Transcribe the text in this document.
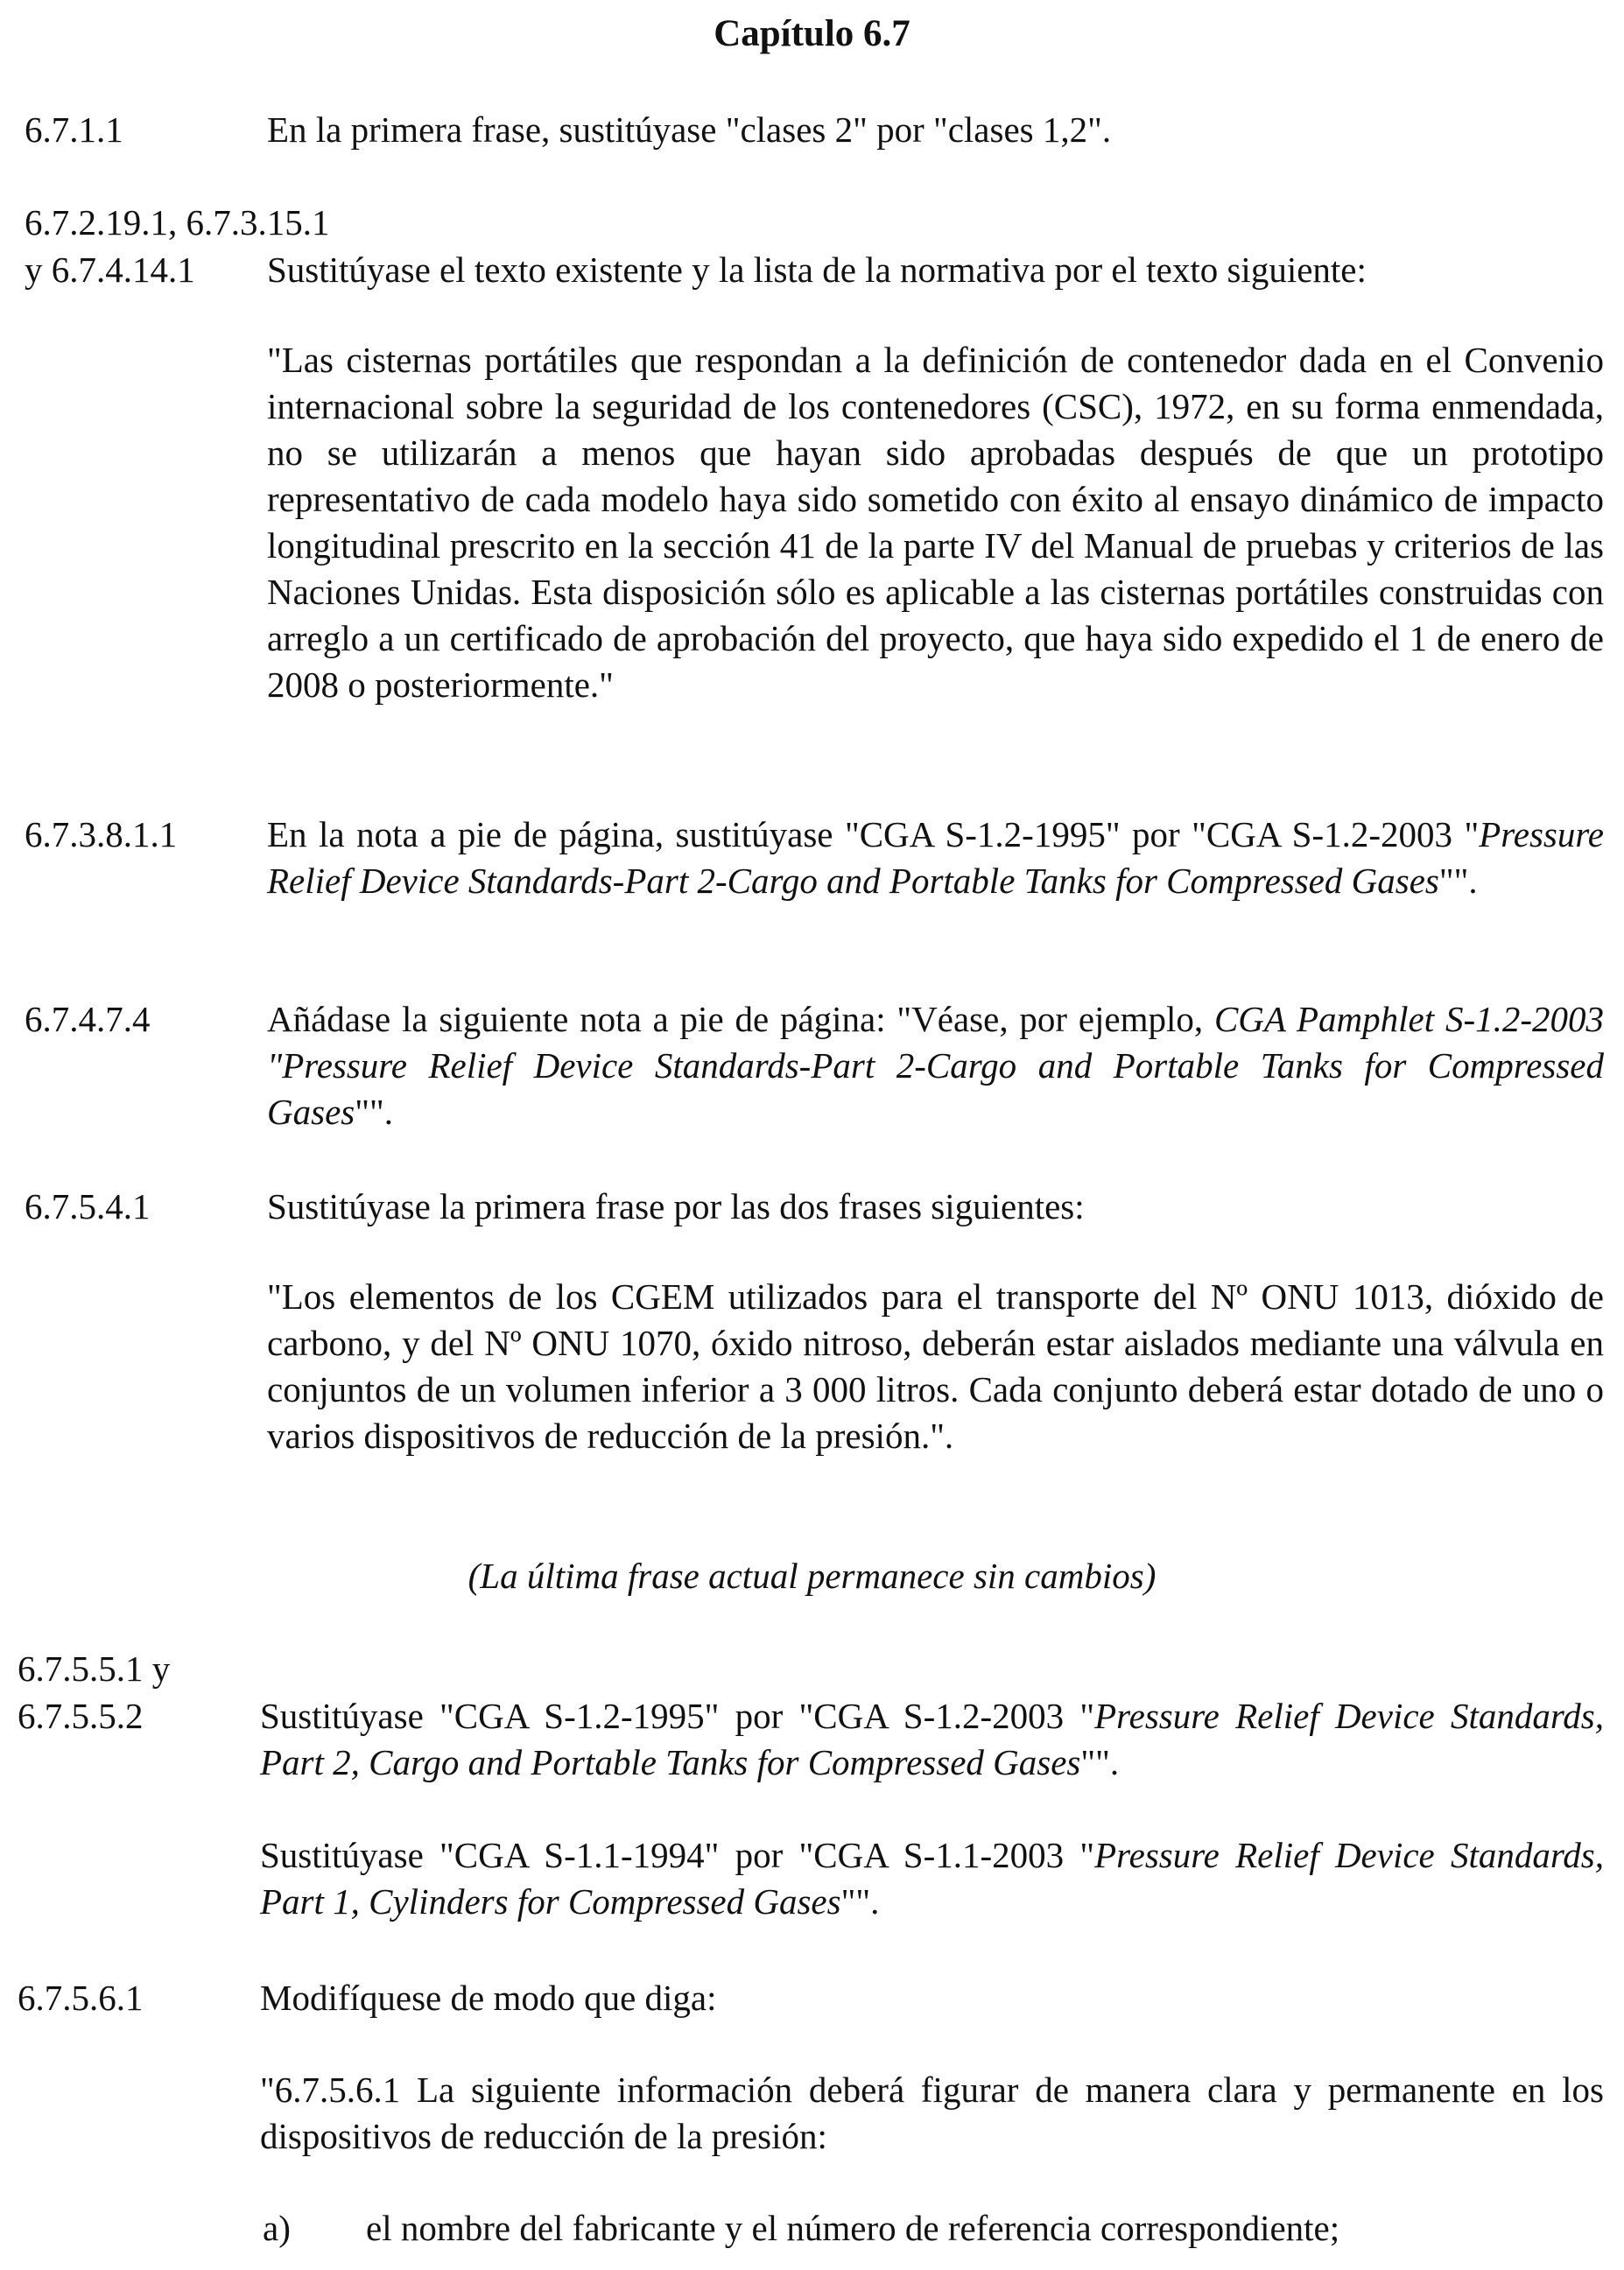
Capítulo 6.7
6.7.1.1	En la primera frase, sustitúyase "clases 2" por "clases 1,2".
6.7.2.19.1, 6.7.3.15.1
y 6.7.4.14.1 Sustitúyase el texto existente y la lista de la normativa por el texto siguiente:
"Las cisternas portátiles que respondan a la definición de contenedor dada en el Convenio internacional sobre la seguridad de los contenedores (CSC), 1972, en su forma enmendada, no se utilizarán a menos que hayan sido aprobadas después de que un prototipo representativo de cada modelo haya sido sometido con éxito al ensayo dinámico de impacto longitudinal prescrito en la sección 41 de la parte IV del Manual de pruebas y criterios de las Naciones Unidas. Esta disposición sólo es aplicable a las cisternas portátiles construidas con arreglo a un certificado de aprobación del proyecto, que haya sido expedido el 1 de enero de 2008 o posteriormente."
6.7.3.8.1.1	En la nota a pie de página, sustitúyase "CGA S-1.2-1995" por "CGA S-1.2-2003 "Pressure Relief Device Standards-Part 2-Cargo and Portable Tanks for Compressed Gases"".
6.7.4.7.4	Añádase la siguiente nota a pie de página: "Véase, por ejemplo, CGA Pamphlet S-1.2-2003 "Pressure Relief Device Standards-Part 2-Cargo and Portable Tanks for Compressed Gases"".
6.7.5.4.1	Sustitúyase la primera frase por las dos frases siguientes:
"Los elementos de los CGEM utilizados para el transporte del Nº ONU 1013, dióxido de carbono, y del Nº ONU 1070, óxido nitroso, deberán estar aislados mediante una válvula en conjuntos de un volumen inferior a 3 000 litros. Cada conjunto deberá estar dotado de uno o varios dispositivos de reducción de la presión.".
(La última frase actual permanece sin cambios)
6.7.5.5.1 y
6.7.5.5.2	Sustitúyase "CGA S-1.2-1995" por "CGA S-1.2-2003 "Pressure Relief Device Standards, Part 2, Cargo and Portable Tanks for Compressed Gases"".
Sustitúyase "CGA S-1.1-1994" por "CGA S-1.1-2003 "Pressure Relief Device Standards, Part 1, Cylinders for Compressed Gases"".
6.7.5.6.1	Modifíquese de modo que diga:
"6.7.5.6.1 La siguiente información deberá figurar de manera clara y permanente en los dispositivos de reducción de la presión:
a) el nombre del fabricante y el número de referencia correspondiente;
